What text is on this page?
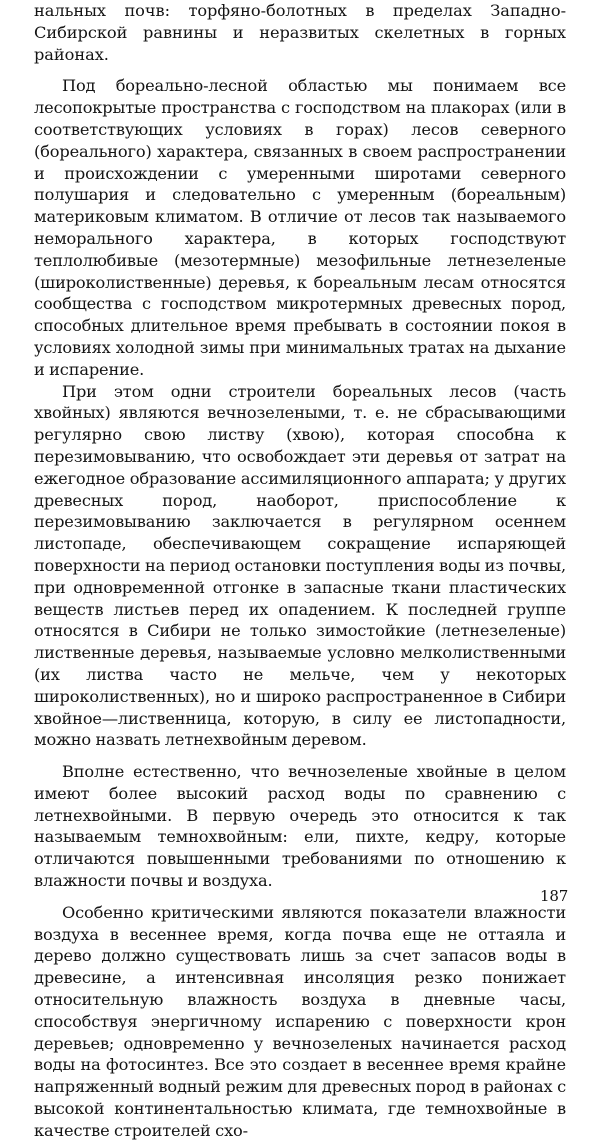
нальных почв: торфяно-болотных в пределах Западно-Сибирской равнины и неразвитых скелетных в горных районах.

Под бореально-лесной областью мы понимаем все лесопокрытые пространства с господством на плакорах (или в соответствующих условиях в горах) лесов северного (бореального) характера, связанных в своем распространении и происхождении с умеренными широтами северного полушария и следовательно с умеренным (бореальным) материковым климатом. В отличие от лесов так называемого неморального характера, в которых господствуют теплолюбивые (мезотермные) мезофильные летнезеленые (широколиственные) деревья, к бореальным лесам относятся сообщества с господством микротермных древесных пород, способных длительное время пребывать в состоянии покоя в условиях холодной зимы при минимальных тратах на дыхание и испарение.

При этом одни строители бореальных лесов (часть хвойных) являются вечнозелеными, т. е. не сбрасывающими регулярно свою листву (хвою), которая способна к перезимовыванию, что освобождает эти деревья от затрат на ежегодное образование ассимиляционного аппарата; у других древесных пород, наоборот, приспособление к перезимовыванию заключается в регулярном осеннем листопаде, обеспечивающем сокращение испаряющей поверхности на период остановки поступления воды из почвы, при одновременной отгонке в запасные ткани пластических веществ листьев перед их опадением. К последней группе относятся в Сибири не только зимостойкие (летнезеленые) лиственные деревья, называемые условно мелколиственными (их листва часто не мельче, чем у некоторых широколиственных), но и широко распространенное в Сибири хвойное—лиственница, которую, в силу ее листопадности, можно назвать летнехвойным деревом.

Вполне естественно, что вечнозеленые хвойные в целом имеют более высокий расход воды по сравнению с летнехвойными. В первую очередь это относится к так называемым темнохвойным: ели, пихте, кедру, которые отличаются повышенными требованиями по отношению к влажности почвы и воздуха.

Особенно критическими являются показатели влажности воздуха в весеннее время, когда почва еще не оттаяла и дерево должно существовать лишь за счет запасов воды в древесине, а интенсивная инсоляция резко понижает относительную влажность воздуха в дневные часы, способствуя энергичному испарению с поверхности крон деревьев; одновременно у вечнозеленых начинается расход воды на фотосинтез. Все это создает в весеннее время крайне напряженный водный режим для древесных пород в районах с высокой континентальностью климата, где темнохвойные в качестве строителей схо-

187
